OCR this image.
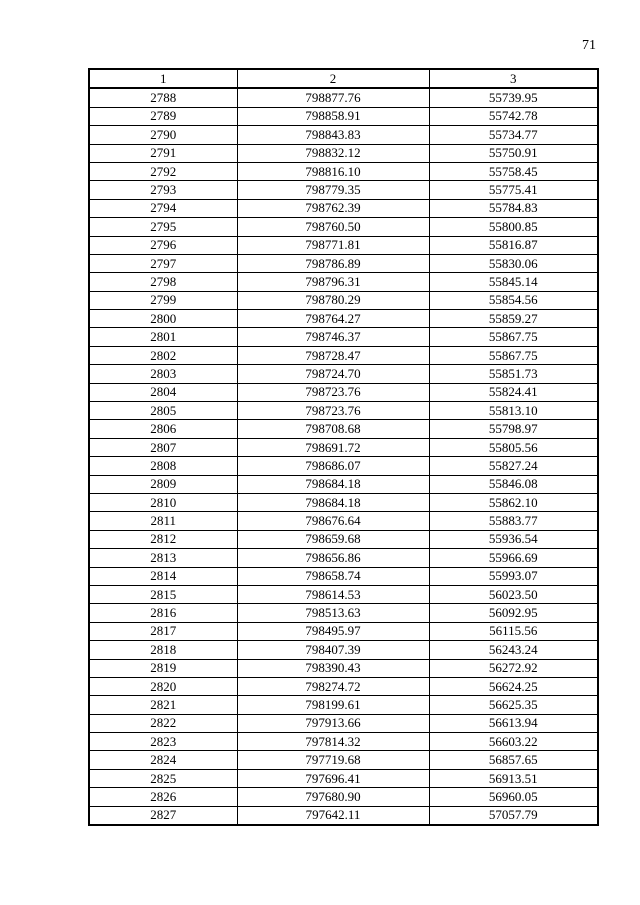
71
1	2	3
2788	798877.76	55739.95
2789	798858.91	55742.78
2790	798843.83	55734.77
2791	798832.12	55750.91
2792	798816.10	55758.45
2793	798779.35	55775.41
2794	798762.39	55784.83
2795	798760.50	55800.85
2796	798771.81	55816.87
2797	798786.89	55830.06
2798	798796.31	55845.14
2799	798780.29	55854.56
2800	798764.27	55859.27
2801	798746.37	55867.75
2802	798728.47	55867.75
2803	798724.70	55851.73
2804	798723.76	55824.41
2805	798723.76	55813.10
2806	798708.68	55798.97
2807	798691.72	55805.56
2808	798686.07	55827.24
2809	798684.18	55846.08
2810	798684.18	55862.10
2811	798676.64	55883.77
2812	798659.68	55936.54
2813	798656.86	55966.69
2814	798658.74	55993.07
2815	798614.53	56023.50
2816	798513.63	56092.95
2817	798495.97	56115.56
2818	798407.39	56243.24
2819	798390.43	56272.92
2820	798274.72	56624.25
2821	798199.61	56625.35
2822	797913.66	56613.94
2823	797814.32	56603.22
2824	797719.68	56857.65
2825	797696.41	56913.51
2826	797680.90	56960.05
2827	797642.11	57057.79
